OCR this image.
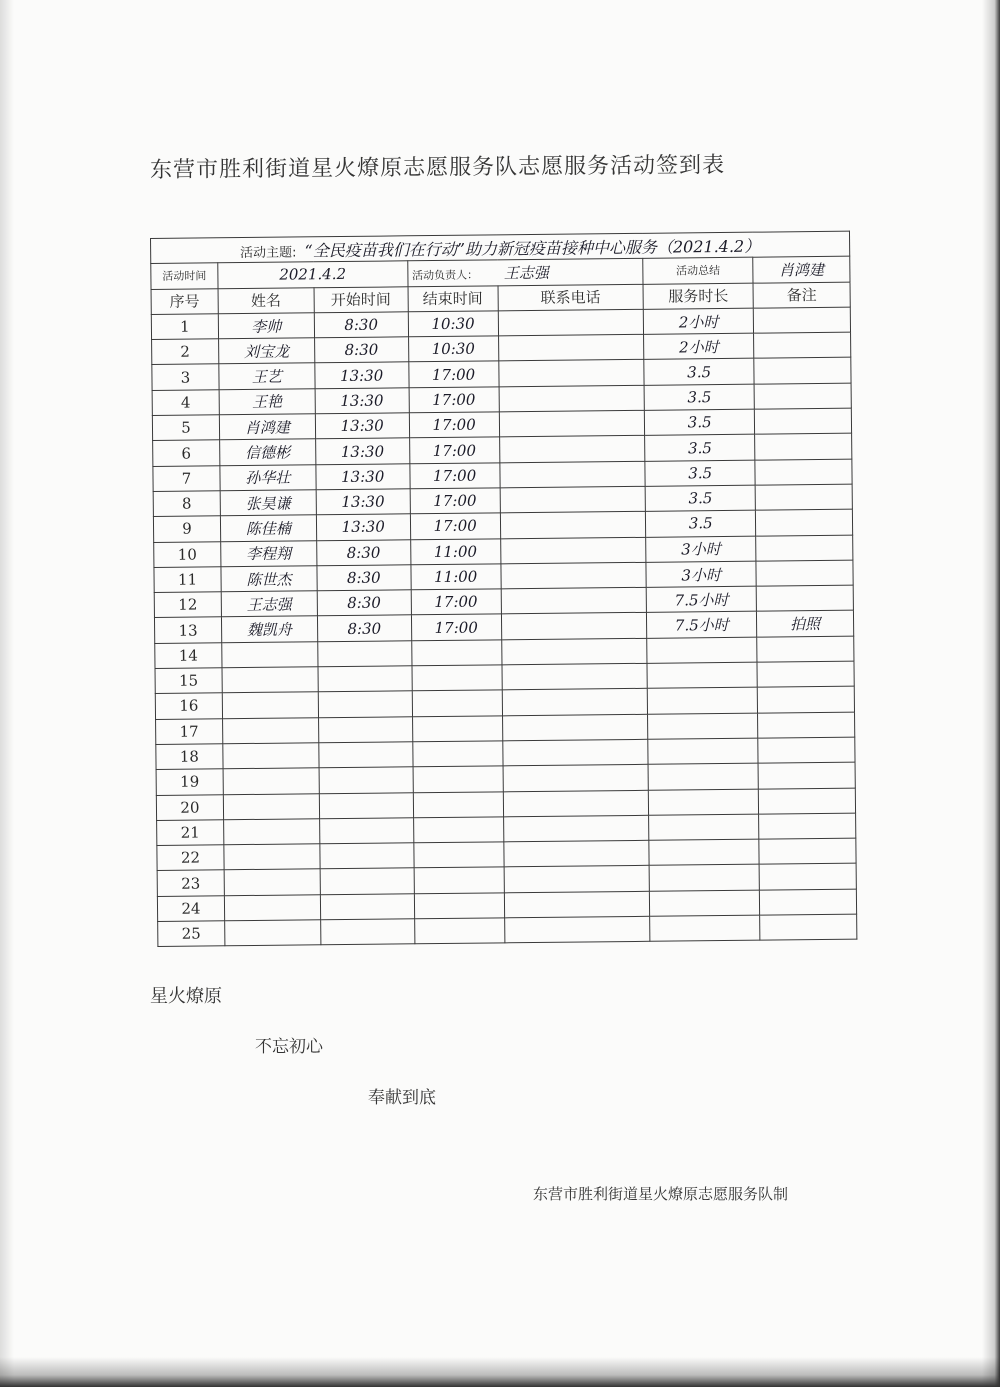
东营市胜利街道星火燎原志愿服务队志愿服务活动签到表
活动主题: “全民疫苗我们在行动”助力新冠疫苗接种中心服务（2021.4.2）						
活动时间	2021.4.2		活动负责人： 王志强		活动总结	肖鸿建
序号	姓名	开始时间	结束时间	联系电话	服务时长	备注
1	李帅	8:30	10:30		2小时	
2	刘宝龙	8:30	10:30		2小时	
3	王艺	13:30	17:00		3.5	
4	王艳	13:30	17:00		3.5	
5	肖鸿建	13:30	17:00		3.5	
6	信德彬	13:30	17:00		3.5	
7	孙华壮	13:30	17:00		3.5	
8	张昊谦	13:30	17:00		3.5	
9	陈佳楠	13:30	17:00		3.5	
10	李程翔	8:30	11:00		3小时	
11	陈世杰	8:30	11:00		3小时	
12	王志强	8:30	17:00		7.5小时	
13	魏凯舟	8:30	17:00		7.5小时	拍照
14						
15						
16						
17						
18						
19						
20						
21						
22						
23						
24						
25						
星火燎原
不忘初心
奉献到底
东营市胜利街道星火燎原志愿服务队制
